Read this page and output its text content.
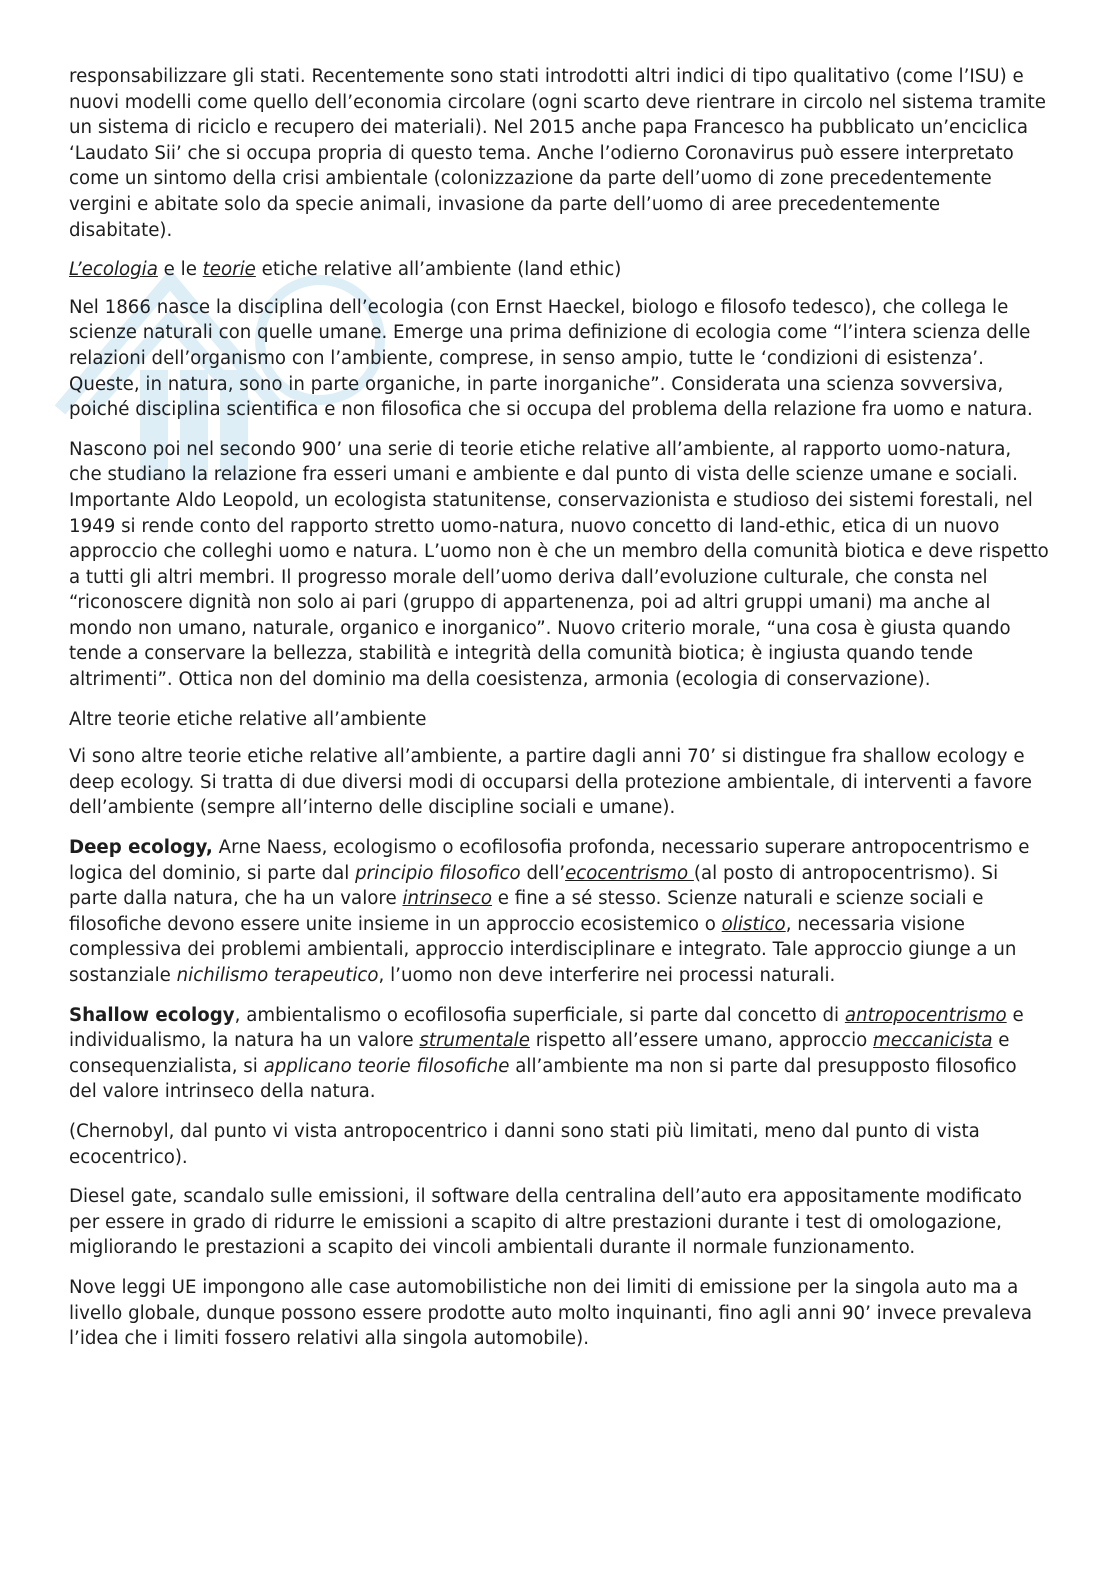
responsabilizzare gli stati. Recentemente sono stati introdotti altri indici di tipo qualitativo (come l’ISU) e nuovi modelli come quello dell’economia circolare (ogni scarto deve rientrare in circolo nel sistema tramite un sistema di riciclo e recupero dei materiali). Nel 2015 anche papa Francesco ha pubblicato un’enciclica ‘Laudato Sii’ che si occupa propria di questo tema. Anche l’odierno Coronavirus può essere interpretato come un sintomo della crisi ambientale (colonizzazione da parte dell’uomo di zone precedentemente vergini e abitate solo da specie animali, invasione da parte dell’uomo di aree precedentemente disabitate).

L’ecologia e le teorie etiche relative all’ambiente (land ethic)

Nel 1866 nasce la disciplina dell’ecologia (con Ernst Haeckel, biologo e filosofo tedesco), che collega le scienze naturali con quelle umane. Emerge una prima definizione di ecologia come “l’intera scienza delle relazioni dell’organismo con l’ambiente, comprese, in senso ampio, tutte le ‘condizioni di esistenza’. Queste, in natura, sono in parte organiche, in parte inorganiche”. Considerata una scienza sovversiva, poiché disciplina scientifica e non filosofica che si occupa del problema della relazione fra uomo e natura.

Nascono poi nel secondo 900’ una serie di teorie etiche relative all’ambiente, al rapporto uomo-natura, che studiano la relazione fra esseri umani e ambiente e dal punto di vista delle scienze umane e sociali. Importante Aldo Leopold, un ecologista statunitense, conservazionista e studioso dei sistemi forestali, nel 1949 si rende conto del rapporto stretto uomo-natura, nuovo concetto di land-ethic, etica di un nuovo approccio che colleghi uomo e natura. L’uomo non è che un membro della comunità biotica e deve rispetto a tutti gli altri membri. Il progresso morale dell’uomo deriva dall’evoluzione culturale, che consta nel “riconoscere dignità non solo ai pari (gruppo di appartenenza, poi ad altri gruppi umani) ma anche al mondo non umano, naturale, organico e inorganico”. Nuovo criterio morale, “una cosa è giusta quando tende a conservare la bellezza, stabilità e integrità della comunità biotica; è ingiusta quando tende altrimenti”. Ottica non del dominio ma della coesistenza, armonia (ecologia di conservazione).

Altre teorie etiche relative all’ambiente

Vi sono altre teorie etiche relative all’ambiente, a partire dagli anni 70’ si distingue fra shallow ecology e deep ecology. Si tratta di due diversi modi di occuparsi della protezione ambientale, di interventi a favore dell’ambiente (sempre all’interno delle discipline sociali e umane).

Deep ecology, Arne Naess, ecologismo o ecofilosofia profonda, necessario superare antropocentrismo e logica del dominio, si parte dal principio filosofico dell’ecocentrismo (al posto di antropocentrismo). Si parte dalla natura, che ha un valore intrinseco e fine a sé stesso. Scienze naturali e scienze sociali e filosofiche devono essere unite insieme in un approccio ecosistemico o olistico, necessaria visione complessiva dei problemi ambientali, approccio interdisciplinare e integrato. Tale approccio giunge a un sostanziale nichilismo terapeutico, l’uomo non deve interferire nei processi naturali.

Shallow ecology, ambientalismo o ecofilosofia superficiale, si parte dal concetto di antropocentrismo e individualismo, la natura ha un valore strumentale rispetto all’essere umano, approccio meccanicista e consequenzialista, si applicano teorie filosofiche all’ambiente ma non si parte dal presupposto filosofico del valore intrinseco della natura.

(Chernobyl, dal punto vi vista antropocentrico i danni sono stati più limitati, meno dal punto di vista ecocentrico).

Diesel gate, scandalo sulle emissioni, il software della centralina dell’auto era appositamente modificato per essere in grado di ridurre le emissioni a scapito di altre prestazioni durante i test di omologazione, migliorando le prestazioni a scapito dei vincoli ambientali durante il normale funzionamento.

Nove leggi UE impongono alle case automobilistiche non dei limiti di emissione per la singola auto ma a livello globale, dunque possono essere prodotte auto molto inquinanti, fino agli anni 90’ invece prevaleva l’idea che i limiti fossero relativi alla singola automobile).
